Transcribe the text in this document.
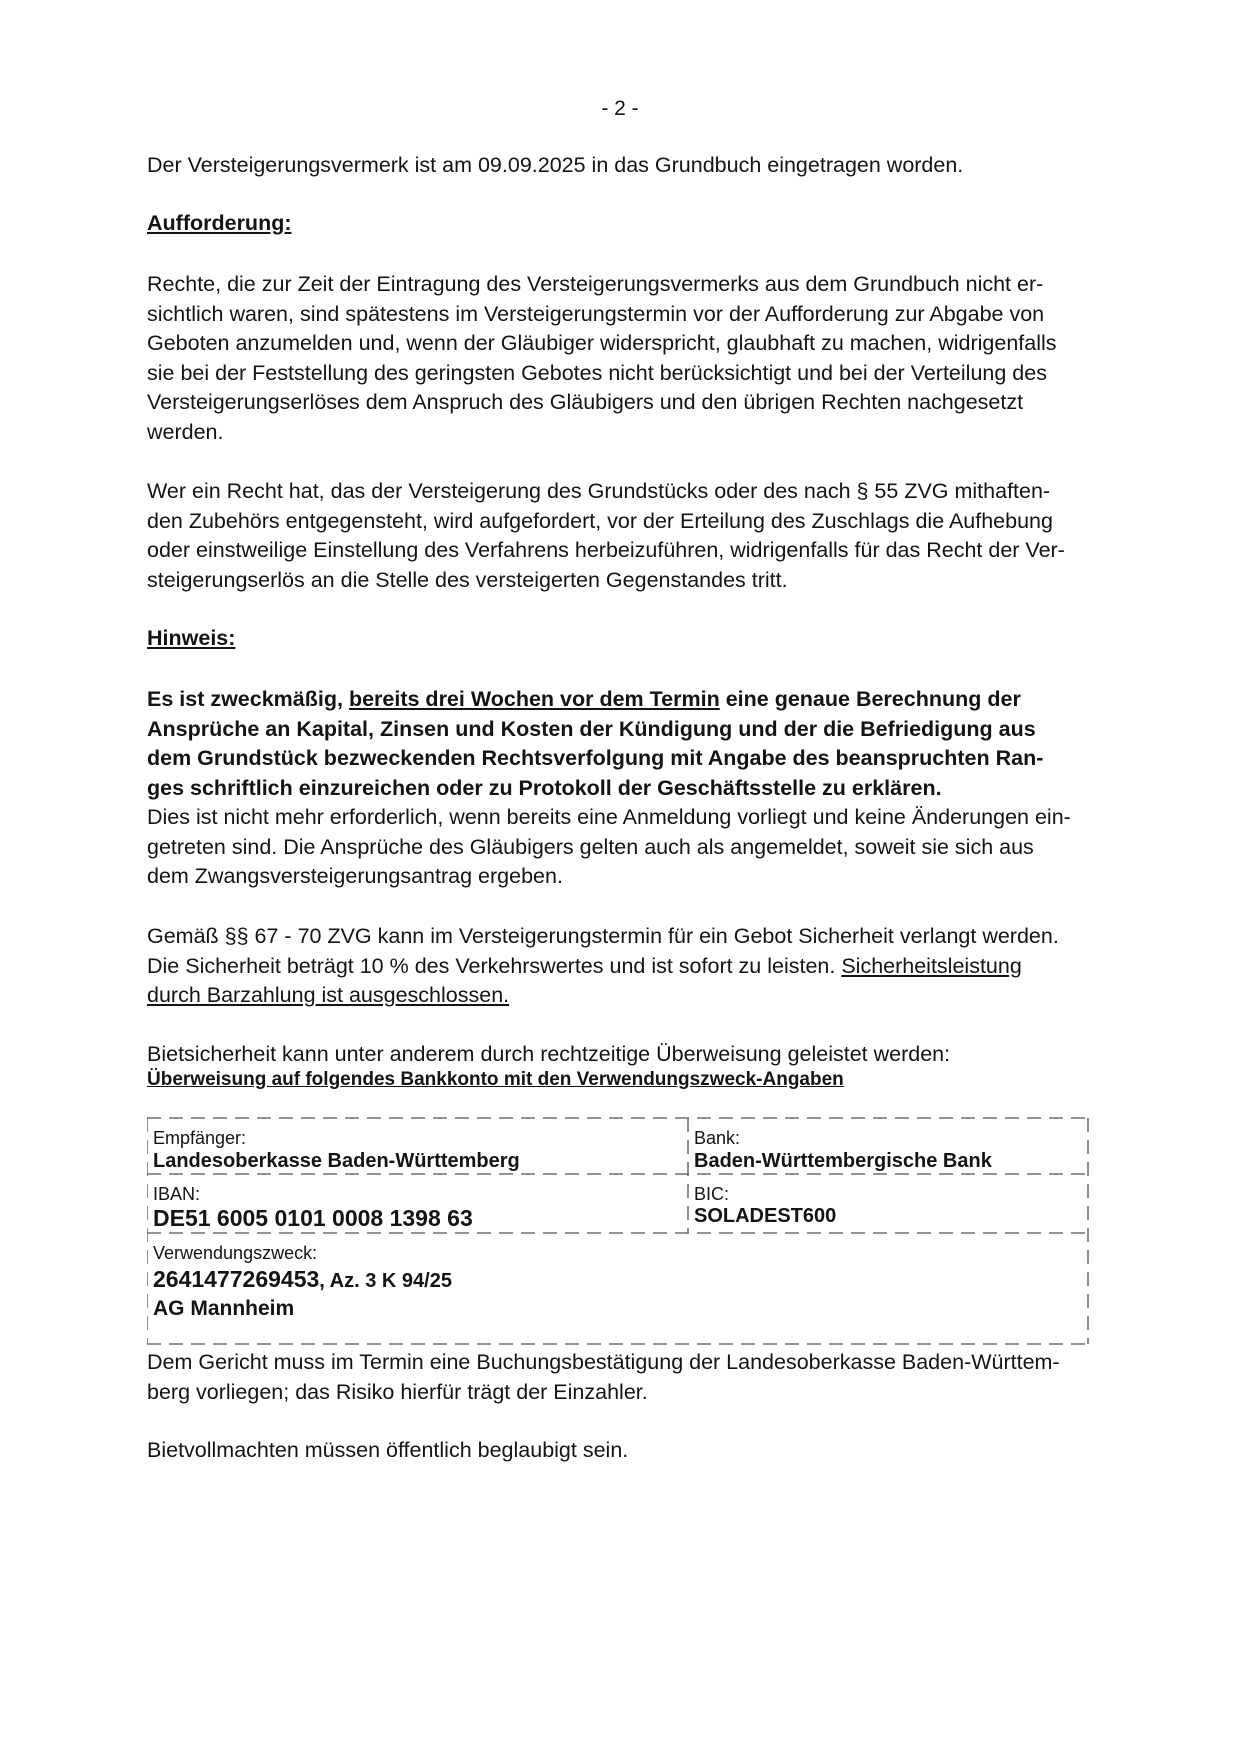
- 2 -

Der Versteigerungsvermerk ist am 09.09.2025 in das Grundbuch eingetragen worden.

Aufforderung:

Rechte, die zur Zeit der Eintragung des Versteigerungsvermerks aus dem Grundbuch nicht er-
sichtlich waren, sind spätestens im Versteigerungstermin vor der Aufforderung zur Abgabe von
Geboten anzumelden und, wenn der Gläubiger widerspricht, glaubhaft zu machen, widrigenfalls
sie bei der Feststellung des geringsten Gebotes nicht berücksichtigt und bei der Verteilung des
Versteigerungserlöses dem Anspruch des Gläubigers und den übrigen Rechten nachgesetzt
werden.
Wer ein Recht hat, das der Versteigerung des Grundstücks oder des nach § 55 ZVG mithaften-
den Zubehörs entgegensteht, wird aufgefordert, vor der Erteilung des Zuschlags die Aufhebung
oder einstweilige Einstellung des Verfahrens herbeizuführen, widrigenfalls für das Recht der Ver-
steigerungserlös an die Stelle des versteigerten Gegenstandes tritt.

Hinweis:

Es ist zweckmäßig, bereits drei Wochen vor dem Termin eine genaue Berechnung der
Ansprüche an Kapital, Zinsen und Kosten der Kündigung und der die Befriedigung aus
dem Grundstück bezweckenden Rechtsverfolgung mit Angabe des beanspruchten Ran-
ges schriftlich einzureichen oder zu Protokoll der Geschäftsstelle zu erklären.
Dies ist nicht mehr erforderlich, wenn bereits eine Anmeldung vorliegt und keine Änderungen ein-
getreten sind. Die Ansprüche des Gläubigers gelten auch als angemeldet, soweit sie sich aus
dem Zwangsversteigerungsantrag ergeben.
Gemäß §§ 67 - 70 ZVG kann im Versteigerungstermin für ein Gebot Sicherheit verlangt werden.
Die Sicherheit beträgt 10 % des Verkehrswertes und ist sofort zu leisten. Sicherheitsleistung
durch Barzahlung ist ausgeschlossen.

Bietsicherheit kann unter anderem durch rechtzeitige Überweisung geleistet werden:

Überweisung auf folgendes Bankkonto mit den Verwendungszweck-Angaben

Empfänger:
Landesoberkasse Baden-Württemberg
Bank:
Baden-Württembergische Bank
IBAN:
DE51 6005 0101 0008 1398 63
BIC:
SOLADEST600
Verwendungszweck:
2641477269453, Az. 3 K 94/25
AG Mannheim
Dem Gericht muss im Termin eine Buchungsbestätigung der Landesoberkasse Baden-Württem-
berg vorliegen; das Risiko hierfür trägt der Einzahler.

Bietvollmachten müssen öffentlich beglaubigt sein.
